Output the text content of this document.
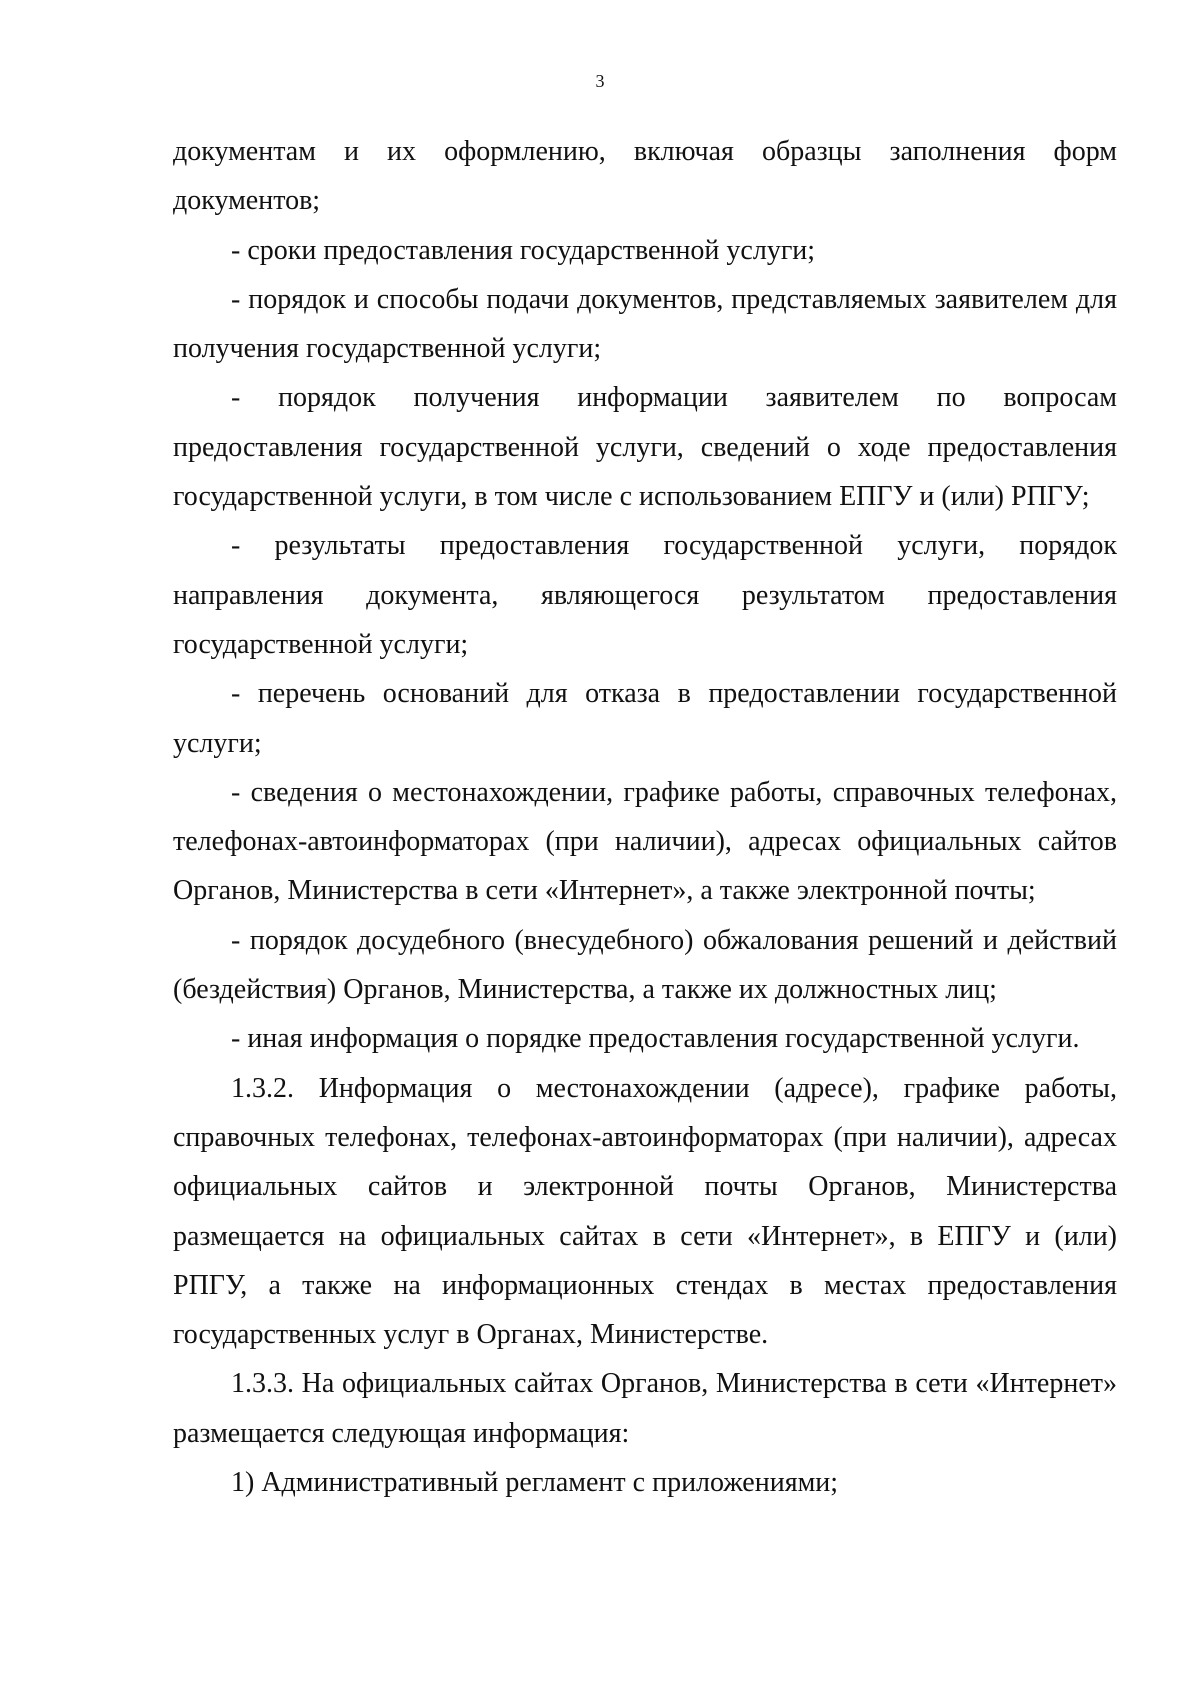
3

документам и их оформлению, включая образцы заполнения форм документов;

- сроки предоставления государственной услуги;

- порядок и способы подачи документов, представляемых заявителем для получения государственной услуги;

- порядок получения информации заявителем по вопросам предоставления государственной услуги, сведений о ходе предоставления государственной услуги, в том числе с использованием ЕПГУ и (или) РПГУ;

- результаты предоставления государственной услуги, порядок направления документа, являющегося результатом предоставления государственной услуги;

- перечень оснований для отказа в предоставлении государственной услуги;

- сведения о местонахождении, графике работы, справочных телефонах, телефонах-автоинформаторах (при наличии), адресах официальных сайтов Органов, Министерства в сети «Интернет», а также электронной почты;

- порядок досудебного (внесудебного) обжалования решений и действий (бездействия) Органов, Министерства, а также их должностных лиц;

- иная информация о порядке предоставления государственной услуги.

1.3.2. Информация о местонахождении (адресе), графике работы, справочных телефонах, телефонах-автоинформаторах (при наличии), адресах официальных сайтов и электронной почты Органов, Министерства размещается на официальных сайтах в сети «Интернет», в ЕПГУ и (или) РПГУ, а также на информационных стендах в местах предоставления государственных услуг в Органах, Министерстве.

1.3.3. На официальных сайтах Органов, Министерства в сети «Интернет» размещается следующая информация:

1) Административный регламент с приложениями;
